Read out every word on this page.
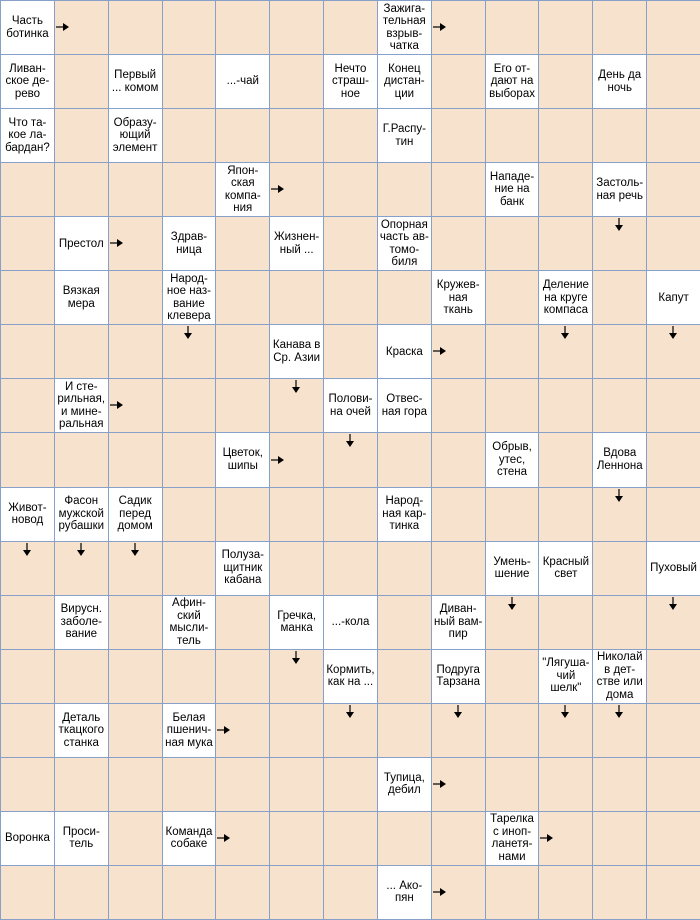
Часть ботинка
Зажига-тельная взрыв-чатка
Ливан-ское де-рево
Первый ... комом
...-чай
Нечто страш-ное
Конец дистан-ции
Его от-дают на выборах
День да ночь
Что та-кое ла-бардан?
Образу-ющий элемент
Г.Распу-тин
Япон-ская компа-ния
Нападе-ние на банк
Застоль-ная речь
Престол
Здрав-ница
Жизнен-ный ...
Опорная часть ав-томо-биля
Вязкая мера
Народ-ное наз-вание клевера
Кружев-ная ткань
Деление на круге компаса
Капут
Канава в Ср. Азии
Краска
И сте-рильная, и мине-ральная
Полови-на очей
Отвес-ная гора
Цветок, шипы
Обрыв, утес, стена
Вдова Леннона
Живот-новод
Фасон мужской рубашки
Садик перед домом
Народ-ная кар-тинка
Полуза-щитник кабана
Умень-шение
Красный свет
Пуховый
Вирусн. заболе-вание
Афин-ский мысли-тель
Гречка, манка
...-кола
Диван-ный вам-пир
Кормить, как на ...
Подруга Тарзана
"Лягуша-чий шелк"
Николай в дет-стве или дома
Деталь ткацкого станка
Белая пшенич-ная мука
Тупица, дебил
Воронка
Проси-тель
Команда собаке
Тарелка с иноп-ланетя-нами
... Ако-пян
